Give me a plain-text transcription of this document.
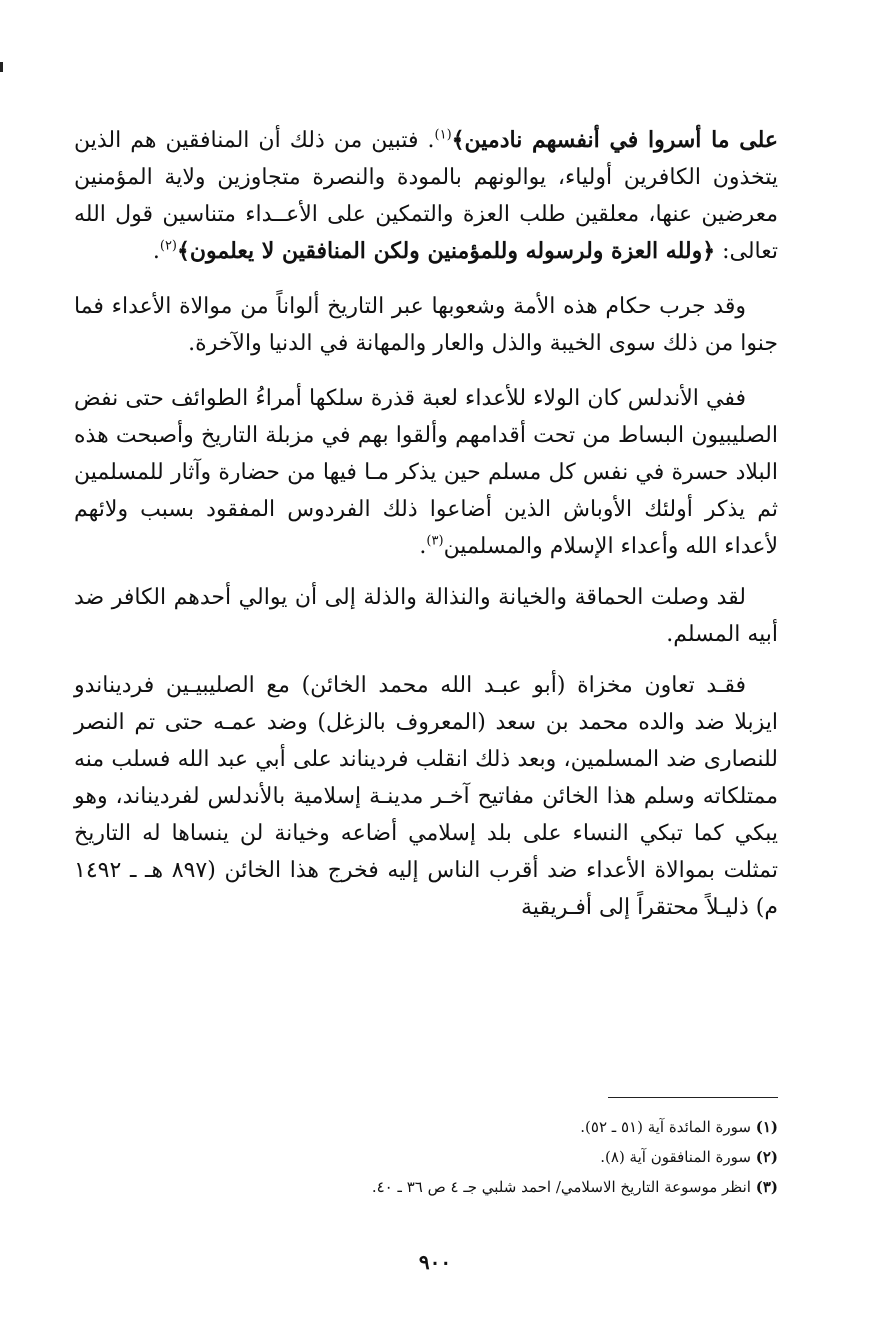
على ما أسروا في أنفسهم نادمين﴾$^{(١)}$. فتبين من ذلك أن المنافقين هم الذين يتخذون الكافرين أولياء، يوالونهم بالمودة والنصرة متجاوزين ولاية المؤمنين معرضين عنها، معلقين طلب العزة والتمكين على الأعــداء متناسين قول الله تعالى: ﴿ولله العزة ولرسوله وللمؤمنين ولكن المنافقين لا يعلمون﴾$^{(٢)}$.

وقد جرب حكام هذه الأمة وشعوبها عبر التاريخ ألواناً من موالاة الأعداء فما جنوا من ذلك سوى الخيبة والذل والعار والمهانة في الدنيا والآخرة.

ففي الأندلس كان الولاء للأعداء لعبة قذرة سلكها أمراءُ الطوائف حتى نفض الصليبيون البساط من تحت أقدامهم وألقوا بهم في مزبلة التاريخ وأصبحت هذه البلاد حسرة في نفس كل مسلم حين يذكر مـا فيها من حضارة وآثار للمسلمين ثم يذكر أولئك الأوباش الذين أضاعوا ذلك الفردوس المفقود بسبب ولائهم لأعداء الله وأعداء الإسلام والمسلمين$^{(٣)}$.

لقد وصلت الحماقة والخيانة والنذالة والذلة إلى أن يوالي أحدهم الكافر ضد أبيه المسلم.

فقـد تعاون مخزاة (أبو عبـد الله محمد الخائن) مع الصليبيـين فرديناندو ايزبلا ضد والده محمد بن سعد (المعروف بالزغل) وضد عمـه حتى تم النصر للنصارى ضد المسلمين، وبعد ذلك انقلب فرديناند على أبي عبد الله فسلب منه ممتلكاته وسلم هذا الخائن مفاتيح آخـر مدينـة إسلامية بالأندلس لفرديناند، وهو يبكي كما تبكي النساء على بلد إسلامي أضاعه وخيانة لن ينساها له التاريخ تمثلت بموالاة الأعداء ضد أقرب الناس إليه فخرج هذا الخائن (٨٩٧ هـ ـ ١٤٩٢ م) ذليـلاً محتقراً إلى أفـريقية

(١) سورة المائدة آية (٥١ ـ ٥٢).

(٢) سورة المنافقون آية (٨).

(٣) انظر موسوعة التاريخ الاسلامي/ احمد شلبي جـ ٤ ص ٣٦ ـ ٤٠.

٩٠٠
